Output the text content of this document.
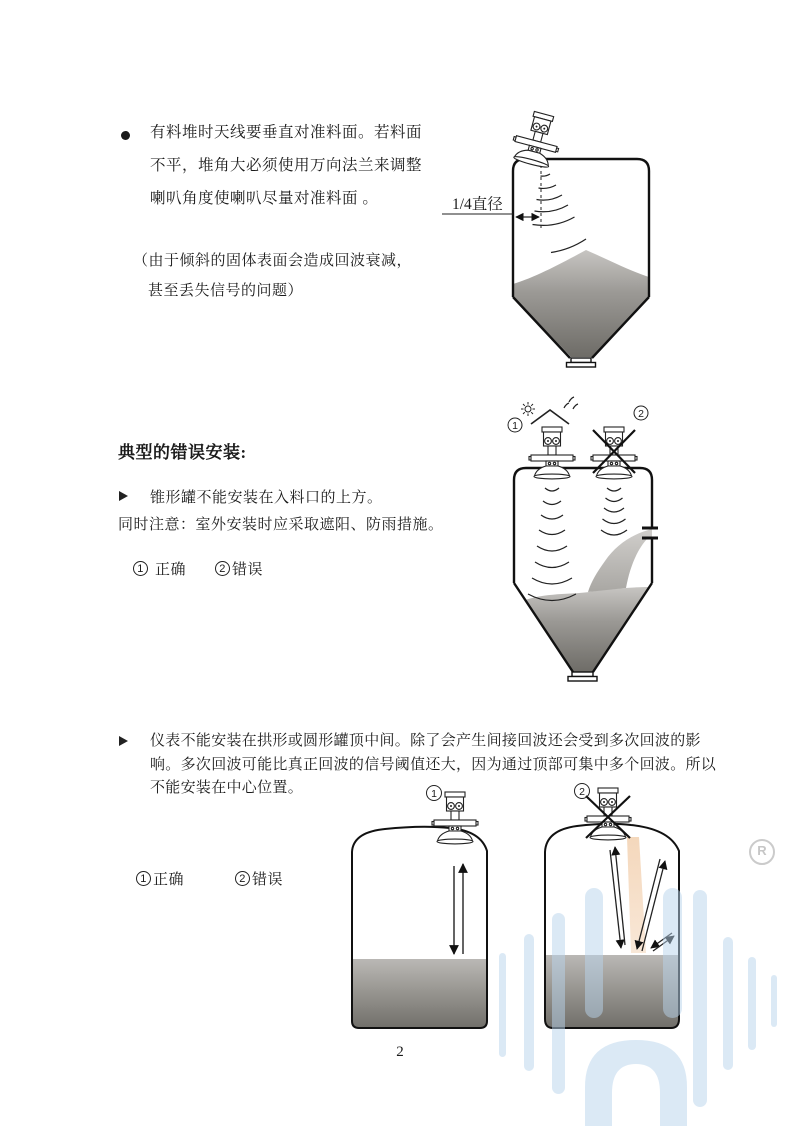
有料堆时天线要垂直对准料面。若料面
不平，堆角大必须使用万向法兰来调整
喇叭角度使喇叭尽量对准料面 。
（由于倾斜的固体表面会造成回波衰减，
甚至丢失信号的问题）
1/4直径
典型的错误安装:
锥形罐不能安装在入料口的上方。
同时注意：室外安装时应采取遮阳、防雨措施。
1 正确	2 错误
1
2
仪表不能安装在拱形或圆形罐顶中间。除了会产生间接回波还会受到多次回波的影
响。多次回波可能比真正回波的信号阈值还大，因为通过顶部可集中多个回波。所以
不能安装在中心位置。
1 正确	2 错误
1	2
R
2
